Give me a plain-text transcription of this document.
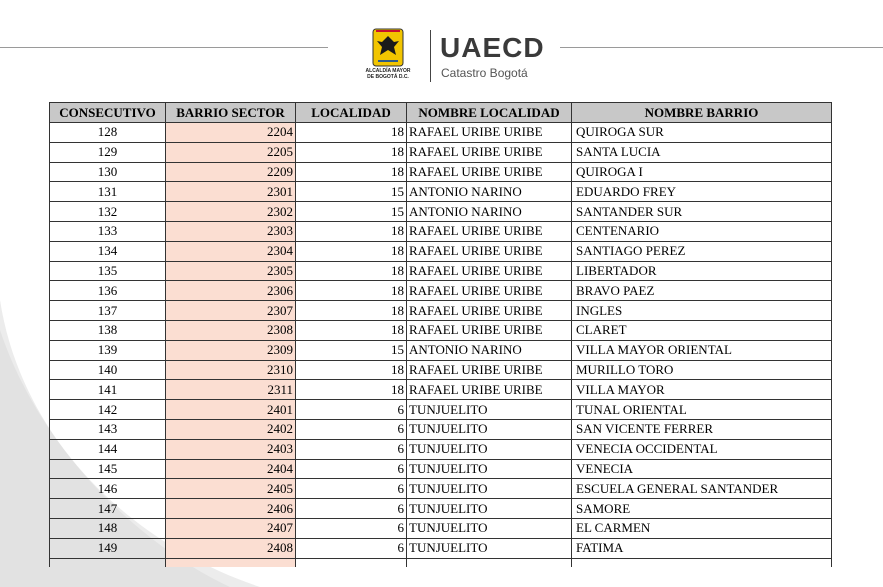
ALCALDÍA MAYOR
DE BOGOTÁ D.C.
UAECD
Catastro Bogotá
CONSECUTIVO	BARRIO SECTOR	LOCALIDAD	NOMBRE LOCALIDAD	NOMBRE BARRIO
128	2204	18	RAFAEL URIBE URIBE	QUIROGA SUR
129	2205	18	RAFAEL URIBE URIBE	SANTA LUCIA
130	2209	18	RAFAEL URIBE URIBE	QUIROGA I
131	2301	15	ANTONIO NARINO	EDUARDO FREY
132	2302	15	ANTONIO NARINO	SANTANDER SUR
133	2303	18	RAFAEL URIBE URIBE	CENTENARIO
134	2304	18	RAFAEL URIBE URIBE	SANTIAGO PEREZ
135	2305	18	RAFAEL URIBE URIBE	LIBERTADOR
136	2306	18	RAFAEL URIBE URIBE	BRAVO PAEZ
137	2307	18	RAFAEL URIBE URIBE	INGLES
138	2308	18	RAFAEL URIBE URIBE	CLARET
139	2309	15	ANTONIO NARINO	VILLA MAYOR ORIENTAL
140	2310	18	RAFAEL URIBE URIBE	MURILLO TORO
141	2311	18	RAFAEL URIBE URIBE	VILLA MAYOR
142	2401	6	TUNJUELITO	TUNAL ORIENTAL
143	2402	6	TUNJUELITO	SAN VICENTE FERRER
144	2403	6	TUNJUELITO	VENECIA OCCIDENTAL
145	2404	6	TUNJUELITO	VENECIA
146	2405	6	TUNJUELITO	ESCUELA GENERAL SANTANDER
147	2406	6	TUNJUELITO	SAMORE
148	2407	6	TUNJUELITO	EL CARMEN
149	2408	6	TUNJUELITO	FATIMA
